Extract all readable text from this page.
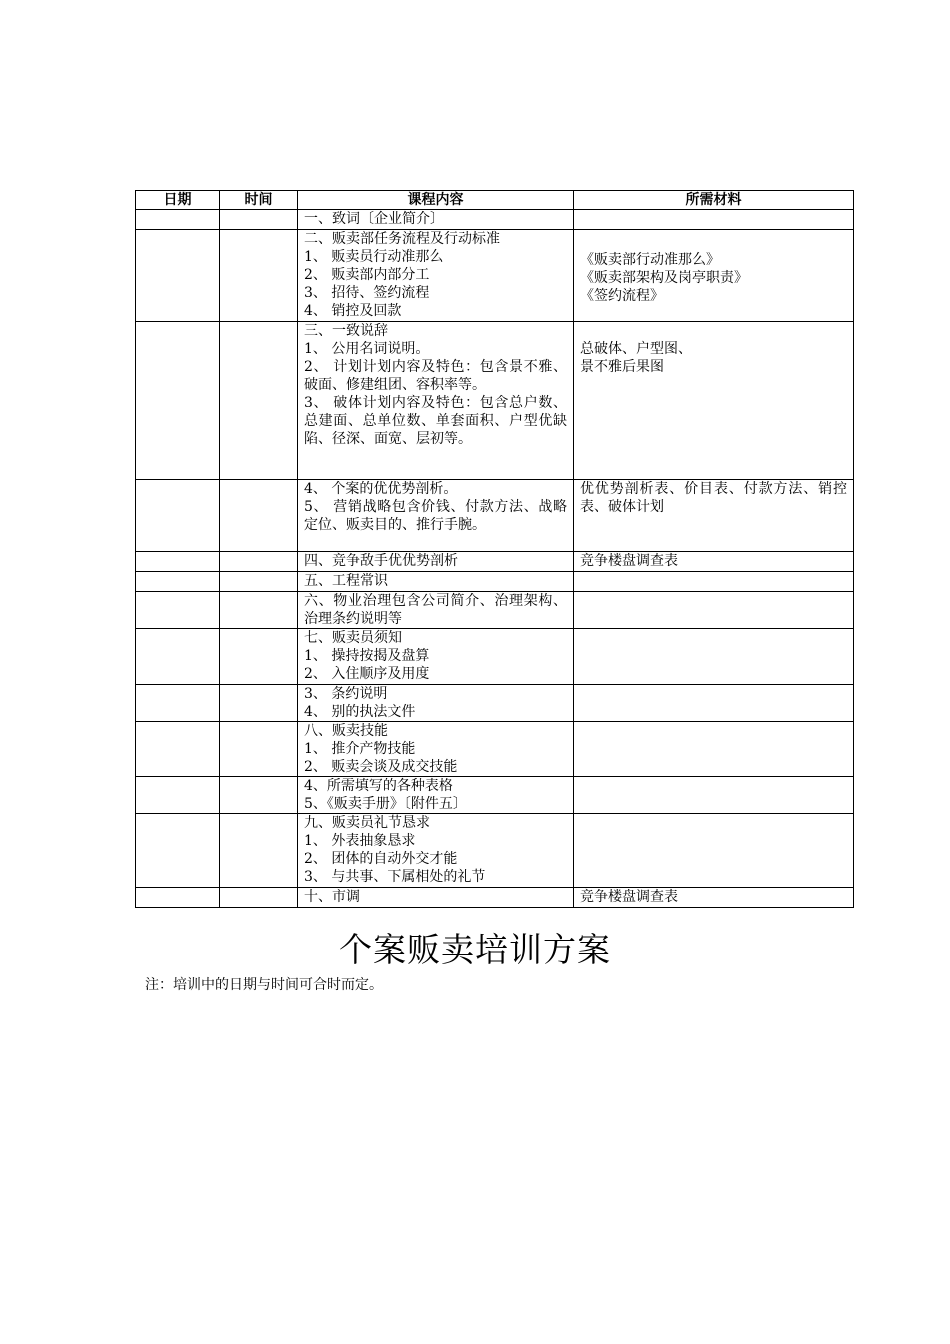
日期	时间	课程内容	所需材料

		一、致词〔企业简介〕	

		二、贩卖部任务流程及行动标准
1、 贩卖员行动准那么
2、 贩卖部内部分工
3、 招待、签约流程
4、 销控及回款	《贩卖部行动准那么》
《贩卖部架构及岗亭职责》
《签约流程》

		三、一致说辞
1、 公用名词说明。
2、 计划计划内容及特色：包含景不雅、破面、修建组团、容积率等。
3、 破体计划内容及特色：包含总户数、总建面、总单位数、单套面积、户型优缺陷、径深、面宽、层初等。	总破体、户型图、
景不雅后果图

		4、 个案的优优势剖析。
5、 营销战略包含价钱、付款方法、战略定位、贩卖目的、推行手腕。	优优势剖析表、价目表、付款方法、销控表、破体计划

		四、竞争敌手优优势剖析	竞争楼盘调查表

		五、工程常识	

		六、物业治理包含公司简介、治理架构、治理条约说明等	

		七、贩卖员须知
1、 操持按揭及盘算
2、 入住顺序及用度	

		3、 条约说明
4、 别的执法文件	

		八、贩卖技能
1、 推介产物技能
2、 贩卖会谈及成交技能	

		4、所需填写的各种表格
5、《贩卖手册》〔附件五〕	

		九、贩卖员礼节恳求
1、 外表抽象恳求
2、 团体的自动外交才能
3、 与共事、下属相处的礼节	

		十、市调	竞争楼盘调查表
个案贩卖培训方案
注：培训中的日期与时间可合时而定。
